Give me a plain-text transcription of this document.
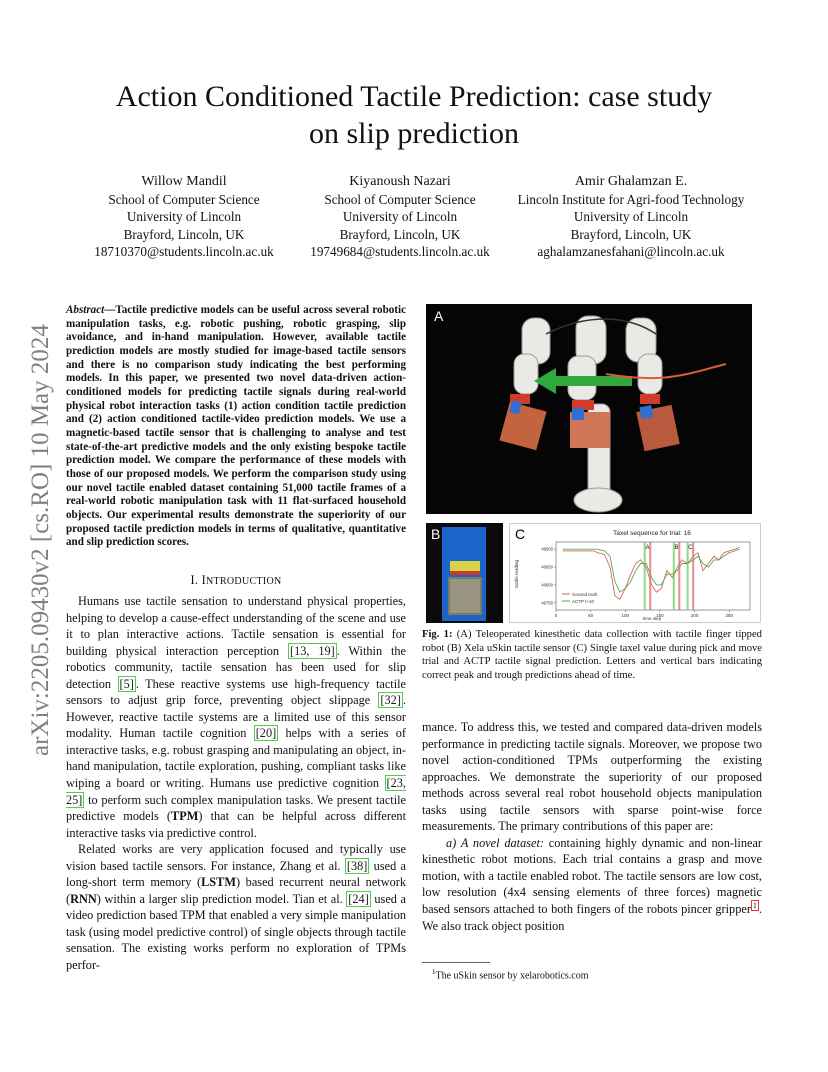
arXiv:2205.09430v2 [cs.RO] 10 May 2024
Action Conditioned Tactile Prediction: case study
on slip prediction
Willow Mandil
School of Computer Science
University of Lincoln
Brayford, Lincoln, UK
18710370@students.lincoln.ac.uk
Kiyanoush Nazari
School of Computer Science
University of Lincoln
Brayford, Lincoln, UK
19749684@students.lincoln.ac.uk
Amir Ghalamzan E.
Lincoln Institute for Agri-food Technology
University of Lincoln
Brayford, Lincoln, UK
aghalamzanesfahani@lincoln.ac.uk
Abstract—Tactile predictive models can be useful across several robotic manipulation tasks, e.g. robotic pushing, robotic grasping, slip avoidance, and in-hand manipulation. However, available tactile prediction models are mostly studied for image-based tactile sensors and there is no comparison study indicating the best performing models. In this paper, we presented two novel data-driven action-conditioned models for predicting tactile signals during real-world physical robot interaction tasks (1) action condition tactile prediction and (2) action conditioned tactile-video prediction models. We use a magnetic-based tactile sensor that is challenging to analyse and test state-of-the-art predictive models and the only existing bespoke tactile prediction model. We compare the performance of these models with those of our proposed models. We perform the comparison study using our novel tactile enabled dataset containing 51,000 tactile frames of a real-world robotic manipulation task with 11 flat-surfaced household objects. Our experimental results demonstrate the superiority of our proposed tactile prediction models in terms of qualitative, quantitative and slip prediction scores.
I. INTRODUCTION

Humans use tactile sensation to understand physical properties, helping to develop a cause-effect understanding of the scene and use it to plan interactive actions. Tactile sensation is essential for building physical interaction perception [13, 19] . Within the robotics community, tactile sensation has been used for slip detection [5] . These reactive systems use high-frequency tactile sensors to adjust grip force, preventing object slippage [32] . However, reactive tactile systems are a limited use of this sensor modality. Human tactile cognition [20] helps with a series of interactive tasks, e.g. robust grasping and manipulating an object, in-hand manipulation, tactile exploration, pushing, compliant tasks like wiping a board or writing. Humans use predictive cognition [23, 25] to perform such complex manipulation tasks. We present tactile predictive models (TPM) that can be helpful across different interactive tasks via predictive control.

Related works are very application focused and typically use vision based tactile sensors. For instance, Zhang et al. [38] used a long-short term memory (LSTM) based recurrent neural network (RNN) within a larger slip prediction model. Tian et al. [24] used a video prediction based TPM that enabled a very simple manipulation task (using model predictive control) of single objects through tactile sensation. The existing works perform no exploration of TPMs perfor-

A
B	C	Taxel sequence for trial: 16
0	50	100	150	200	250
46750
46800
46850
46900	A	B C
Ground truth
ACTP t+10
tactile reading
time step
Fig. 1: (A) Teleoperated kinesthetic data collection with tactile finger tipped robot (B) Xela uSkin tactile sensor (C) Single taxel value during pick and move trial and ACTP tactile signal prediction. Letters and vertical bars indicating correct peak and trough predictions ahead of time.

mance. To address this, we tested and compared data-driven models performance in predicting tactile signals. Moreover, we propose two novel action-conditioned TPMs outperforming the existing approaches. We demonstrate the superiority of our proposed methods across several real robot household objects manipulation tasks using tactile sensors with sparse point-wise force measurements. The primary contributions of this paper are:

a) A novel dataset: containing highly dynamic and non-linear kinesthetic robot motions. Each trial contains a grasp and move motion, with a tactile enabled robot. The tactile sensors are low cost, low resolution (4x4 sensing elements of three forces) magnetic based sensors attached to both fingers of the robots pincer gripper $^1$ . We also track object position

$^1$The uSkin sensor by xelarobotics.com
